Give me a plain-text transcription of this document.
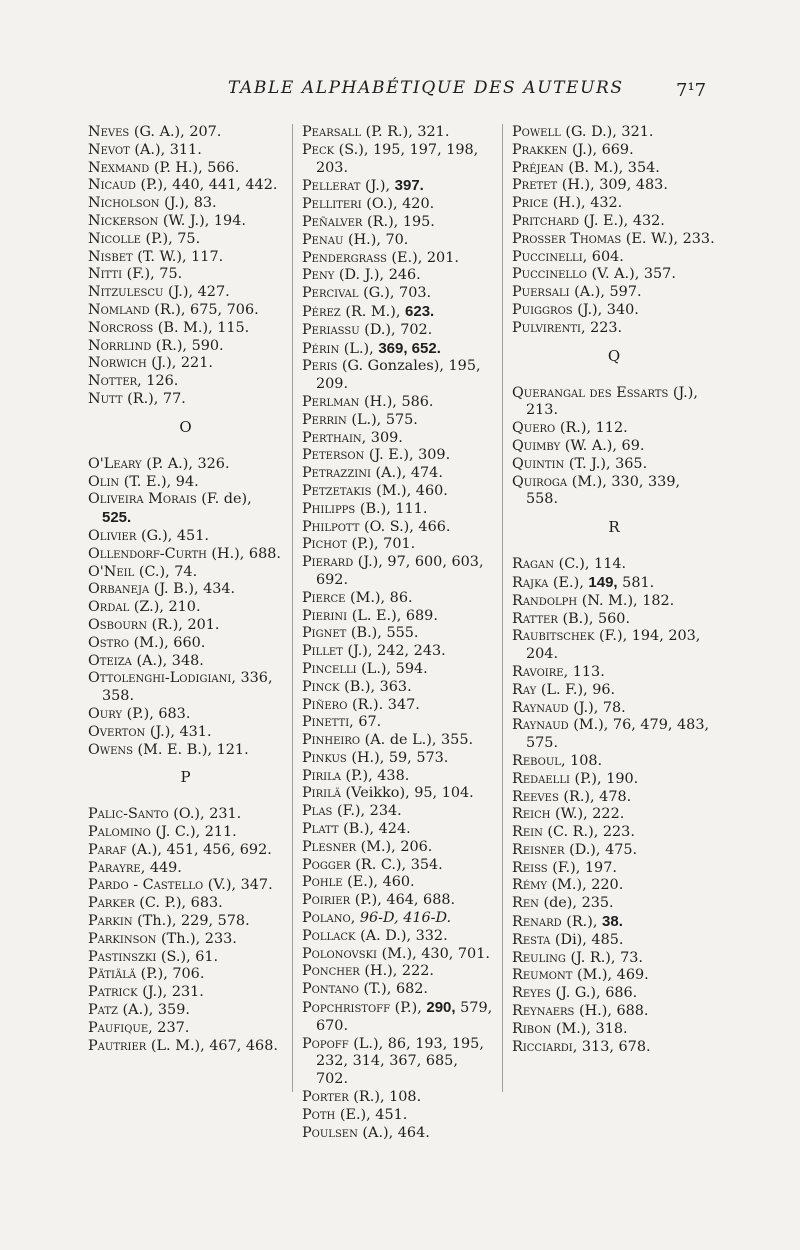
TABLE ALPHABÉTIQUE DES AUTEURS	7¹7

Neves (G. A.), 207.

Nevot (A.), 311.

Nexmand (P. H.), 566.

Nicaud (P.), 440, 441, 442.

Nicholson (J.), 83.

Nickerson (W. J.), 194.

Nicolle (P.), 75.

Nisbet (T. W.), 117.

Nitti (F.), 75.

Nitzulescu (J.), 427.

Nomland (R.), 675, 706.

Norcross (B. M.), 115.

Norrlind (R.), 590.

Norwich (J.), 221.

Notter, 126.

Nutt (R.), 77.

O

O'Leary (P. A.), 326.

Olin (T. E.), 94.

Oliveira Morais (F. de), 525.

Olivier (G.), 451.

Ollendorf-Curth (H.), 688.

O'Neil (C.), 74.

Orbaneja (J. B.), 434.

Ordal (Z.), 210.

Osbourn (R.), 201.

Ostro (M.), 660.

Oteiza (A.), 348.

Ottolenghi-Lodigiani, 336, 358.

Oury (P.), 683.

Overton (J.), 431.

Owens (M. E. B.), 121.

P

Palic-Santo (O.), 231.

Palomino (J. C.), 211.

Paraf (A.), 451, 456, 692.

Parayre, 449.

Pardo - Castello (V.), 347.

Parker (C. P.), 683.

Parkin (Th.), 229, 578.

Parkinson (Th.), 233.

Pastinszki (S.), 61.

Pätiälä (P.), 706.

Patrick (J.), 231.

Patz (A.), 359.

Paufique, 237.

Pautrier (L. M.), 467, 468.

Pearsall (P. R.), 321.

Peck (S.), 195, 197, 198, 203.

Pellerat (J.), 397.

Pelliteri (O.), 420.

Peñalver (R.), 195.

Penau (H.), 70.

Pendergrass (E.), 201.

Peny (D. J.), 246.

Percival (G.), 703.

Pérez (R. M.), 623.

Periassu (D.), 702.

Périn (L.), 369, 652.

Peris (G. Gonzales), 195, 209.

Perlman (H.), 586.

Perrin (L.), 575.

Perthain, 309.

Peterson (J. E.), 309.

Petrazzini (A.), 474.

Petzetakis (M.), 460.

Philipps (B.), 111.

Philpott (O. S.), 466.

Pichot (P.), 701.

Pierard (J.), 97, 600, 603, 692.

Pierce (M.), 86.

Pierini (L. E.), 689.

Pignet (B.), 555.

Pillet (J.), 242, 243.

Pincelli (L.), 594.

Pinck (B.), 363.

Piñero (R.). 347.

Pinetti, 67.

Pinheiro (A. de L.), 355.

Pinkus (H.), 59, 573.

Pirila (P.), 438.

Pirilä (Veikko), 95, 104.

Plas (F.), 234.

Platt (B.), 424.

Plesner (M.), 206.

Pogger (R. C.), 354.

Pohle (E.), 460.

Poirier (P.), 464, 688.

Polano, 96-D, 416-D.

Pollack (A. D.), 332.

Polonovski (M.), 430, 701.

Poncher (H.), 222.

Pontano (T.), 682.

Popchristoff (P.), 290, 579, 670.

Popoff (L.), 86, 193, 195, 232, 314, 367, 685, 702.

Porter (R.), 108.

Poth (E.), 451.

Poulsen (A.), 464.

Powell (G. D.), 321.

Prakken (J.), 669.

Préjean (B. M.), 354.

Pretet (H.), 309, 483.

Price (H.), 432.

Pritchard (J. E.), 432.

Prosser Thomas (E. W.), 233.

Puccinelli, 604.

Puccinello (V. A.), 357.

Puersali (A.), 597.

Puiggros (J.), 340.

Pulvirenti, 223.

Q

Querangal des Essarts (J.), 213.

Quero (R.), 112.

Quimby (W. A.), 69.

Quintin (T. J.), 365.

Quiroga (M.), 330, 339, 558.

R

Ragan (C.), 114.

Rajka (E.), 149, 581.

Randolph (N. M.), 182.

Ratter (B.), 560.

Raubitschek (F.), 194, 203, 204.

Ravoire, 113.

Ray (L. F.), 96.

Raynaud (J.), 78.

Raynaud (M.), 76, 479, 483, 575.

Reboul, 108.

Redaelli (P.), 190.

Reeves (R.), 478.

Reich (W.), 222.

Rein (C. R.), 223.

Reisner (D.), 475.

Reiss (F.), 197.

Rémy (M.), 220.

Ren (de), 235.

Renard (R.), 38.

Resta (Di), 485.

Reuling (J. R.), 73.

Reumont (M.), 469.

Reyes (J. G.), 686.

Reynaers (H.), 688.

Ribon (M.), 318.

Ricciardi, 313, 678.
